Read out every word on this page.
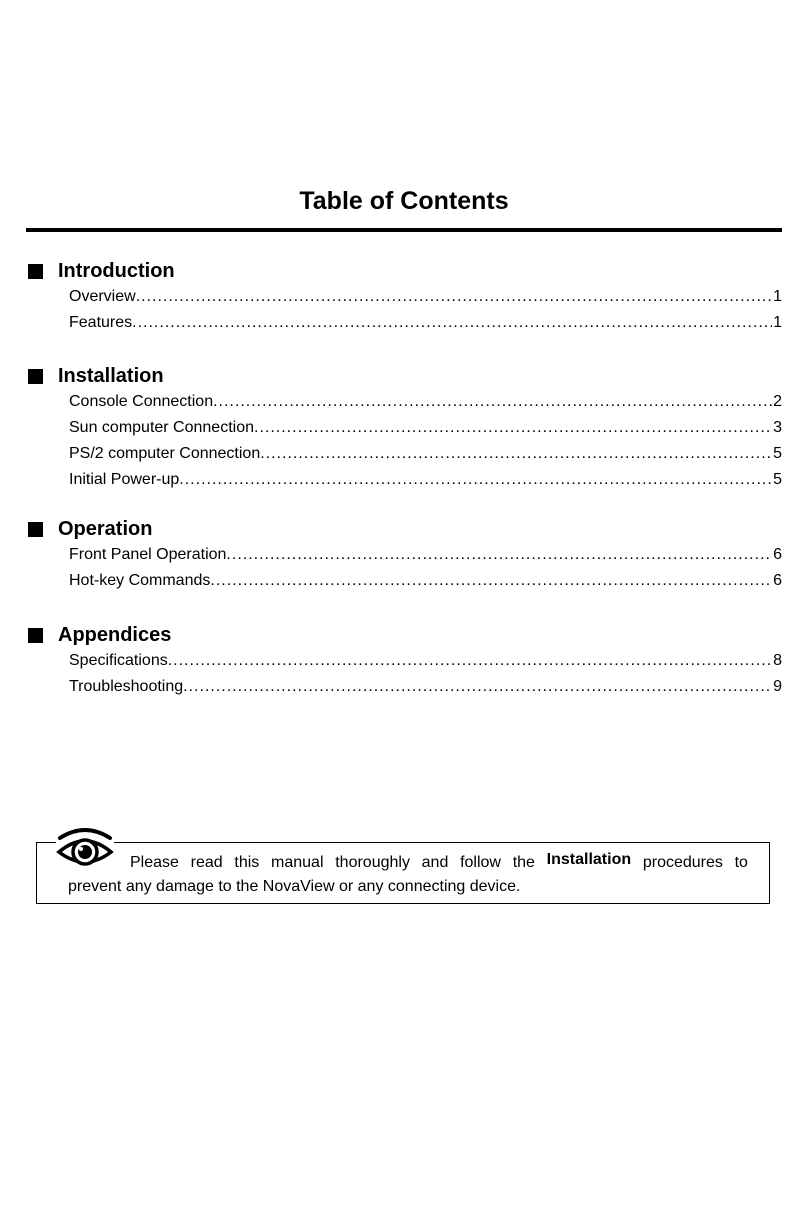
Table of Contents
Introduction
Overview .....	1
Features .....	1
Installation
Console Connection .....	2
Sun computer Connection .....	3
PS/2 computer Connection .....	5
Initial Power-up .....	5
Operation
Front Panel Operation .....	6
Hot-key Commands .....	6
Appendices
Specifications .....	8
Troubleshooting .....	9
Please read this manual thoroughly and follow the Installation procedures to
prevent any damage to the NovaView or any connecting device.
